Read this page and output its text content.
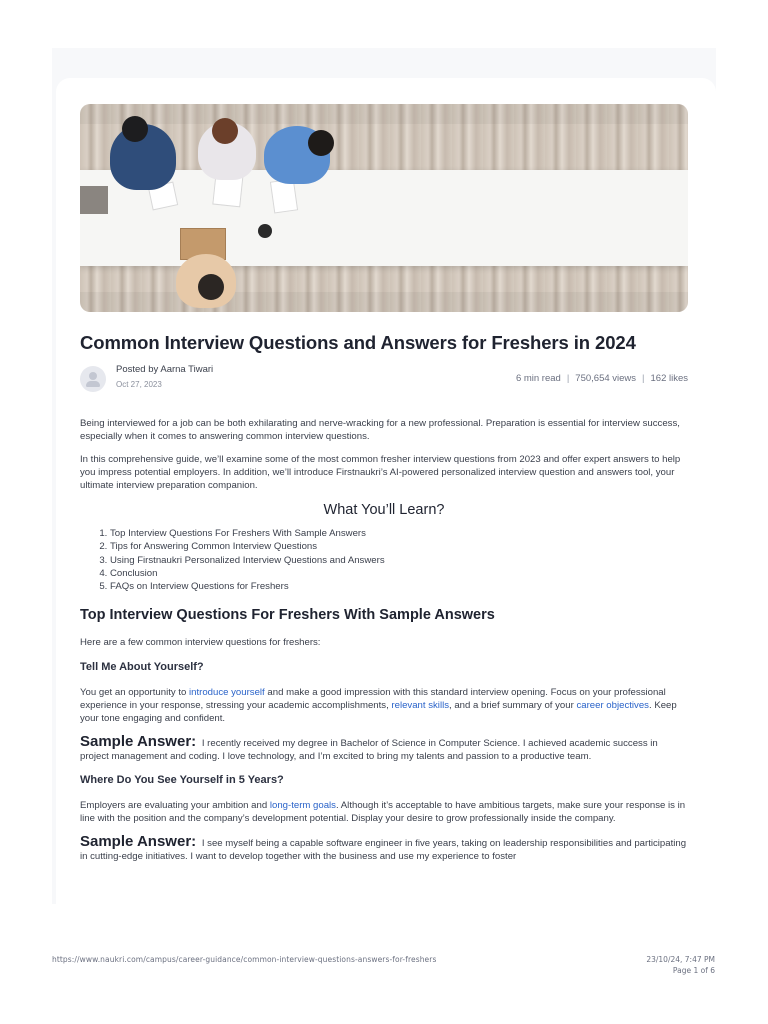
Common Interview Questions and Answers for Freshers in 2024
Posted by Aarna Tiwari
Oct 27, 2023
6 min read | 750,654 views | 162 likes

Being interviewed for a job can be both exhilarating and nerve-wracking for a new professional. Preparation is essential for interview success, especially when it comes to answering common interview questions.

In this comprehensive guide, we’ll examine some of the most common fresher interview questions from 2023 and offer expert answers to help you impress potential employers. In addition, we’ll introduce Firstnaukri’s AI-powered personalized interview question and answers tool, your ultimate interview preparation companion.

What You’ll Learn?
1. Top Interview Questions For Freshers With Sample Answers
2. Tips for Answering Common Interview Questions
3. Using Firstnaukri Personalized Interview Questions and Answers
4. Conclusion
5. FAQs on Interview Questions for Freshers
Top Interview Questions For Freshers With Sample Answers

Here are a few common interview questions for freshers:

Tell Me About Yourself?

You get an opportunity to introduce yourself and make a good impression with this standard interview opening. Focus on your professional experience in your response, stressing your academic accomplishments, relevant skills, and a brief summary of your career objectives. Keep your tone engaging and confident.

Sample Answer: I recently received my degree in Bachelor of Science in Computer Science. I achieved academic success in project management and coding. I love technology, and I’m excited to bring my talents and passion to a productive team.

Where Do You See Yourself in 5 Years?

Employers are evaluating your ambition and long-term goals. Although it’s acceptable to have ambitious targets, make sure your response is in line with the position and the company’s development potential. Display your desire to grow professionally inside the company.

Sample Answer: I see myself being a capable software engineer in five years, taking on leadership responsibilities and participating in cutting-edge initiatives. I want to develop together with the business and use my experience to foster

https://www.naukri.com/campus/career-guidance/common-interview-questions-answers-for-freshers	23/10/24, 7:47 PM
Page 1 of 6
